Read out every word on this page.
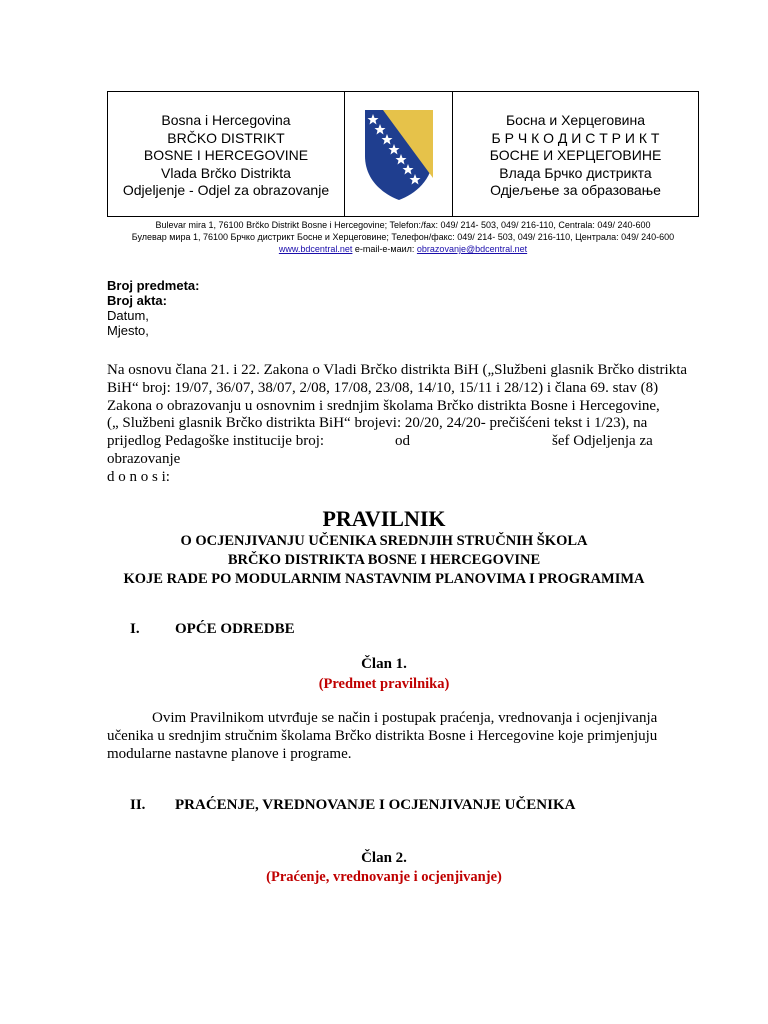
Bosna i Hercegovina
BRČKO DISTRIKT
BOSNE I HERCEGOVINE
Vlada Brčko Distrikta
Odjeljenje - Odjel za obrazovanje
Босна и Херцеговина
Б Р Ч К О Д И С Т Р И К Т
БОСНЕ И ХЕРЦЕГОВИНЕ
Влада Брчко дистрикта
Одјељење за образовање
Bulevar mira 1, 76100 Brčko Distrikt Bosne i Hercegovine; Telefon:/fax: 049/ 214- 503, 049/ 216-110, Centrala: 049/ 240-600
Булевар мира 1, 76100 Брчко дистрикт Босне и Херцеговине; Телефон/факс: 049/ 214- 503, 049/ 216-110, Централа: 049/ 240-600
www.bdcentral.net e-mail-е-маил: obrazovanje@bdcentral.net
Broj predmeta:
Broj akta:
Datum,
Mjesto,
Na osnovu člana 21. i 22. Zakona o Vladi Brčko distrikta BiH („Službeni glasnik Brčko distrikta
BiH“ broj: 19/07, 36/07, 38/07, 2/08, 17/08, 23/08, 14/10, 15/11 i 28/12) i člana 69. stav (8)
Zakona o obrazovanju u osnovnim i srednjim školama Brčko distrikta Bosne i Hercegovine,
(„ Službeni glasnik Brčko distrikta BiH“ brojevi: 20/20, 24/20- prečišćeni tekst i 1/23), na
prijedlog Pedagoške institucije broj:	od	šef Odjeljenja za
obrazovanje
d o n o s i:
PRAVILNIK
O OCJENJIVANJU UČENIKA SREDNJIH STRUČNIH ŠKOLA
BRČKO DISTRIKTA BOSNE I HERCEGOVINE
KOJE RADE PO MODULARNIM NASTAVNIM PLANOVIMA I PROGRAMIMA
I.	OPĆE ODREDBE
Član 1.
(Predmet pravilnika)
Ovim Pravilnikom utvrđuje se način i postupak praćenja, vrednovanja i ocjenjivanja
učenika u srednjim stručnim školama Brčko distrikta Bosne i Hercegovine koje primjenjuju
modularne nastavne planove i programe.
II.	PRAĆENJE, VREDNOVANJE I OCJENJIVANJE UČENIKA
Član 2.
(Praćenje, vrednovanje i ocjenjivanje)
